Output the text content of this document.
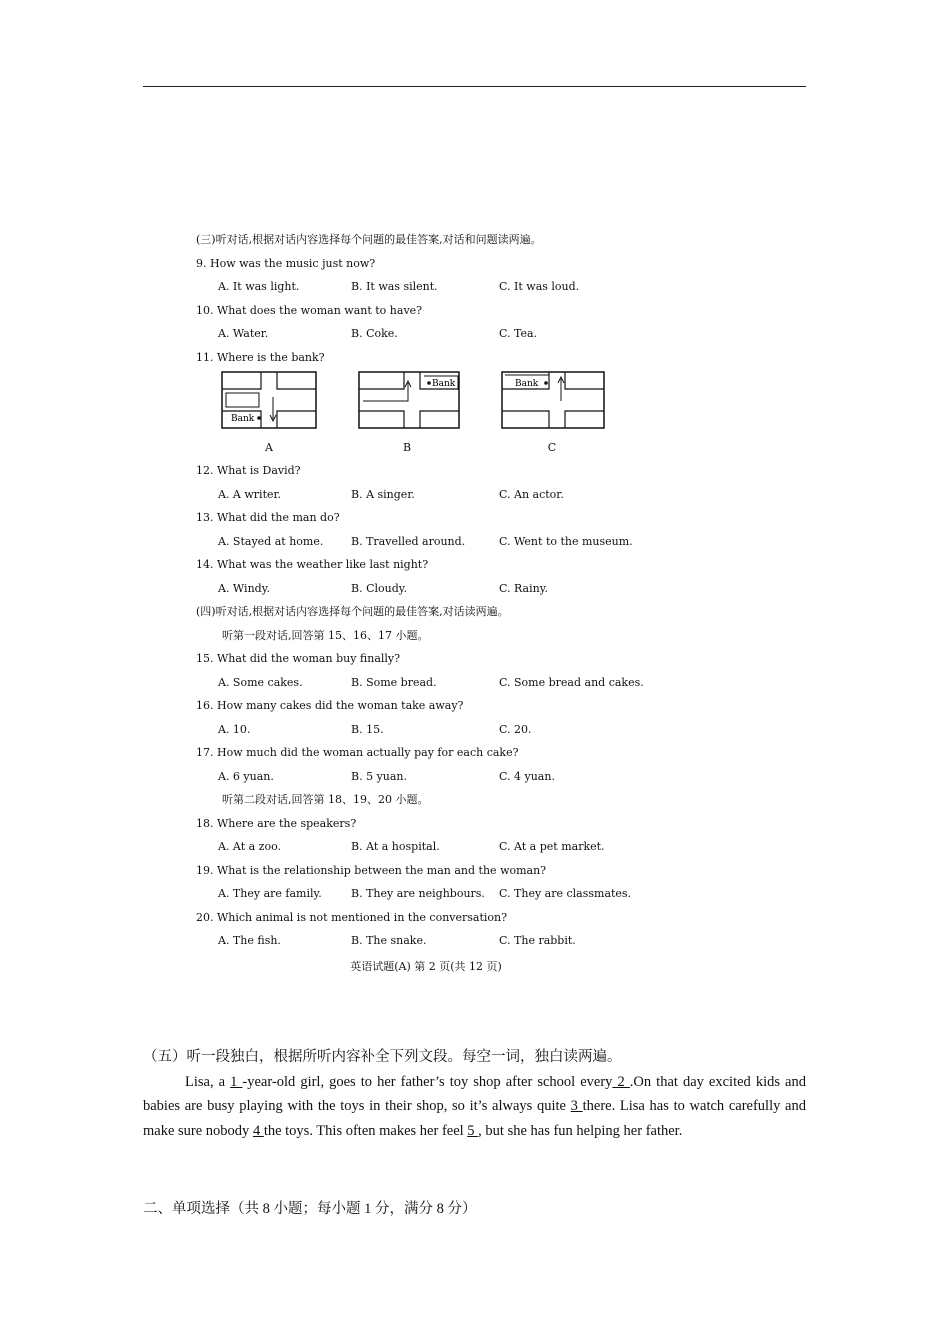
(三)听对话,根据对话内容选择每个问题的最佳答案,对话和问题读两遍。
9. How was the music just now?
A. It was light.	B. It was silent.	C. It was loud.
10. What does the woman want to have?
A. Water.	B. Coke.	C. Tea.
11. Where is the bank?
Bank
A
Bank
B
Bank
C
12. What is David?
A. A writer.	B. A singer.	C. An actor.
13. What did the man do?
A. Stayed at home.	B. Travelled around.	C. Went to the museum.
14. What was the weather like last night?
A. Windy.	B. Cloudy.	C. Rainy.
(四)听对话,根据对话内容选择每个问题的最佳答案,对话读两遍。
听第一段对话,回答第 15、16、17 小题。
15. What did the woman buy finally?
A. Some cakes.	B. Some bread.	C. Some bread and cakes.
16. How many cakes did the woman take away?
A. 10.	B. 15.	C. 20.
17. How much did the woman actually pay for each cake?
A. 6 yuan.	B. 5 yuan.	C. 4 yuan.
听第二段对话,回答第 18、19、20 小题。
18. Where are the speakers?
A. At a zoo.	B. At a hospital.	C. At a pet market.
19. What is the relationship between the man and the woman?
A. They are family.	B. They are neighbours. C. They are classmates.
20. Which animal is not mentioned in the conversation?
A. The fish.	B. The snake.	C. The rabbit.
英语试题(A) 第 2 页(共 12 页)

（五）听一段独白，根据所听内容补全下列文段。每空一词，独白读两遍。

Lisa, a 1 -year-old girl, goes to her father’s toy shop after school every 2 .On that day excited kids and babies are busy playing with the toys in their shop, so it’s always quite 3 there. Lisa has to watch carefully and make sure nobody 4 the toys. This often makes her feel 5 , but she has fun helping her father.

二、单项选择（共 8 小题；每小题 1 分，满分 8 分）
